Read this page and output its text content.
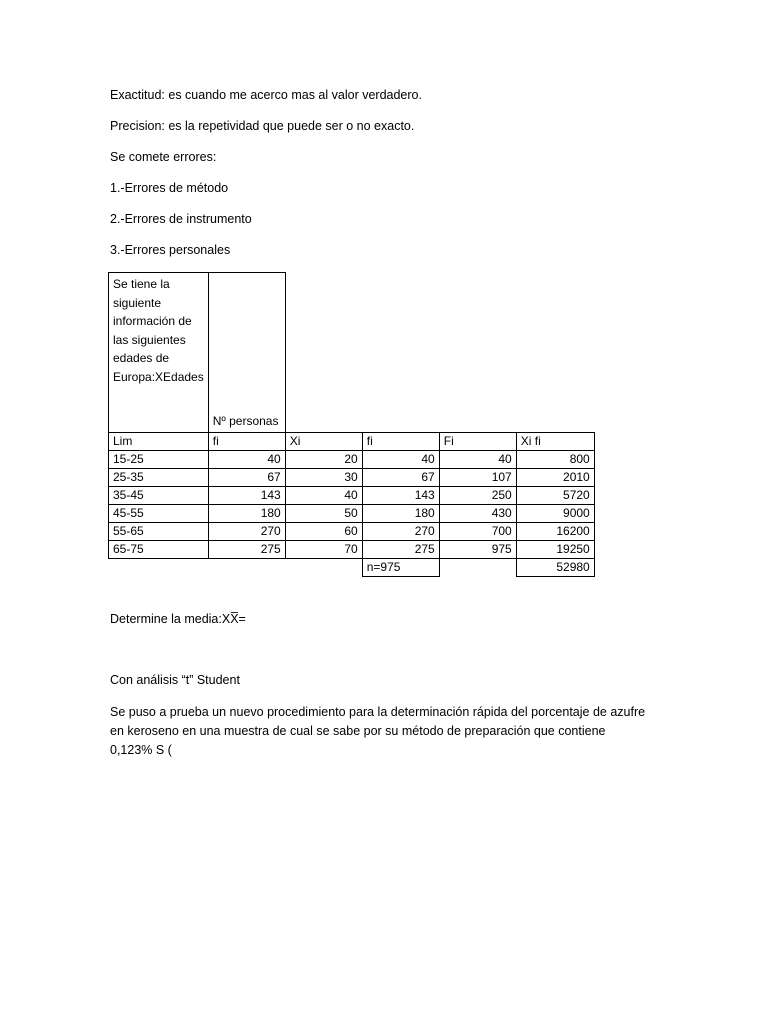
Exactitud: es cuando me acerco mas al valor verdadero.
Precision: es la repetividad que puede ser o no exacto.
Se comete errores:
1.-Errores de método
2.-Errores de instrumento
3.-Errores personales
Se tiene la siguiente información de las siguientes edades de Europa:XEdades	Nº personas				
Lim	fi	Xi	fi	Fi	Xi fi
15-25	40	20	40	40	800
25-35	67	30	67	107	2010
35-45	143	40	143	250	5720
45-55	180	50	180	430	9000
55-65	270	60	270	700	16200
65-75	275	70	275	975	19250
			n=975		52980
Determine la media:XX̅=
Con análisis “t” Student
Se puso a prueba un nuevo procedimiento para la determinación rápida del porcentaje de azufre en keroseno en una muestra de cual se sabe por su método de preparación que contiene 0,123% S (
